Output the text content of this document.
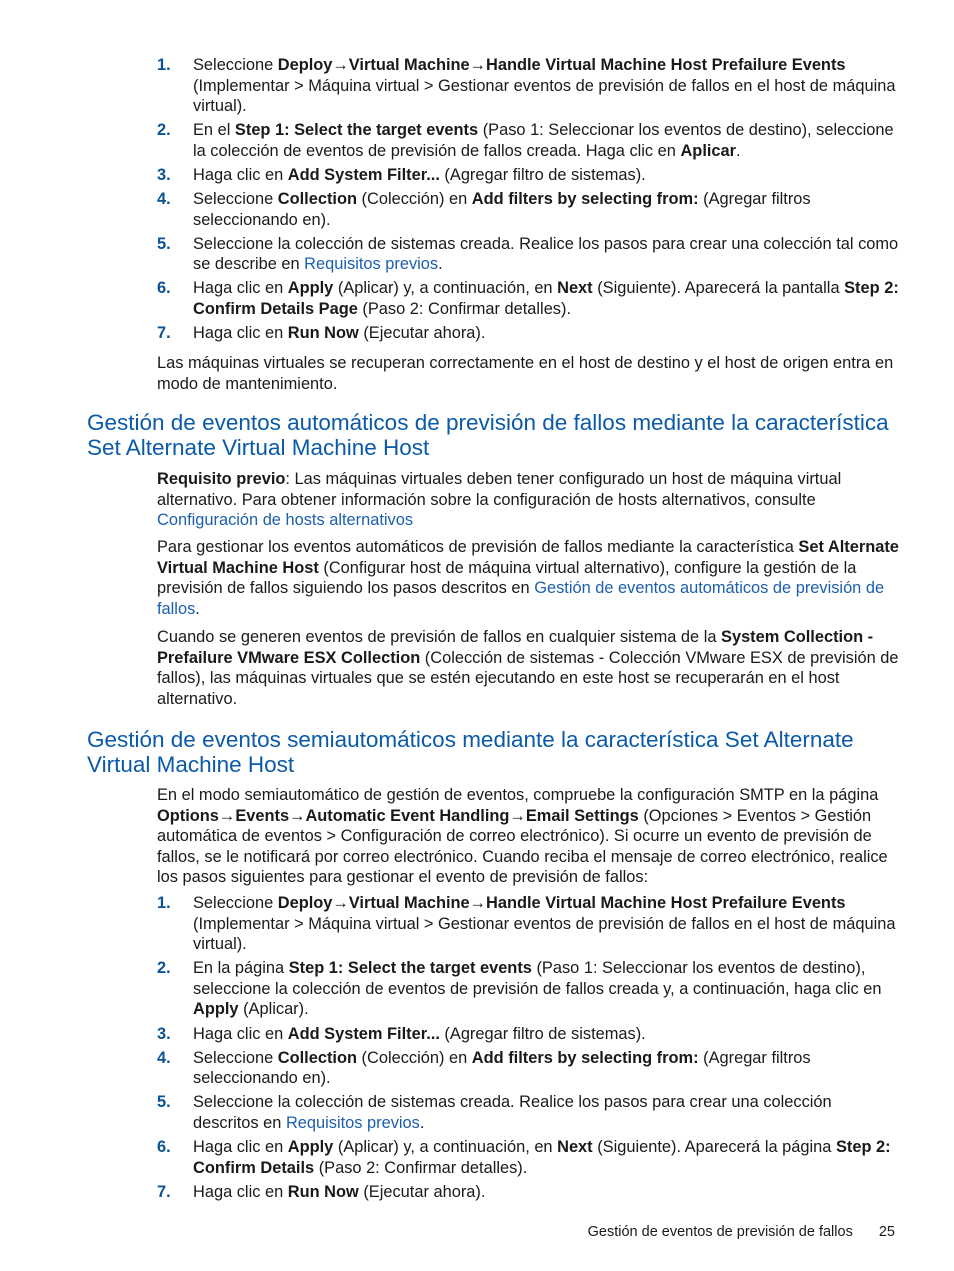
1. Seleccione Deploy→Virtual Machine→Handle Virtual Machine Host Prefailure Events (Implementar > Máquina virtual > Gestionar eventos de previsión de fallos en el host de máquina virtual).
2. En el Step 1: Select the target events (Paso 1: Seleccionar los eventos de destino), seleccione la colección de eventos de previsión de fallos creada. Haga clic en Aplicar.
3. Haga clic en Add System Filter... (Agregar filtro de sistemas).
4. Seleccione Collection (Colección) en Add filters by selecting from: (Agregar filtros seleccionando en).
5. Seleccione la colección de sistemas creada. Realice los pasos para crear una colección tal como se describe en Requisitos previos.
6. Haga clic en Apply (Aplicar) y, a continuación, en Next (Siguiente). Aparecerá la pantalla Step 2: Confirm Details Page (Paso 2: Confirmar detalles).
7. Haga clic en Run Now (Ejecutar ahora).

Las máquinas virtuales se recuperan correctamente en el host de destino y el host de origen entra en modo de mantenimiento.

Gestión de eventos automáticos de previsión de fallos mediante la característica Set Alternate Virtual Machine Host

Requisito previo: Las máquinas virtuales deben tener configurado un host de máquina virtual alternativo. Para obtener información sobre la configuración de hosts alternativos, consulte Configuración de hosts alternativos

Para gestionar los eventos automáticos de previsión de fallos mediante la característica Set Alternate Virtual Machine Host (Configurar host de máquina virtual alternativo), configure la gestión de la previsión de fallos siguiendo los pasos descritos en Gestión de eventos automáticos de previsión de fallos.

Cuando se generen eventos de previsión de fallos en cualquier sistema de la System Collection - Prefailure VMware ESX Collection (Colección de sistemas - Colección VMware ESX de previsión de fallos), las máquinas virtuales que se estén ejecutando en este host se recuperarán en el host alternativo.

Gestión de eventos semiautomáticos mediante la característica Set Alternate Virtual Machine Host

En el modo semiautomático de gestión de eventos, compruebe la configuración SMTP en la página Options→Events→Automatic Event Handling→Email Settings (Opciones > Eventos > Gestión automática de eventos > Configuración de correo electrónico). Si ocurre un evento de previsión de fallos, se le notificará por correo electrónico. Cuando reciba el mensaje de correo electrónico, realice los pasos siguientes para gestionar el evento de previsión de fallos:

1. Seleccione Deploy→Virtual Machine→Handle Virtual Machine Host Prefailure Events (Implementar > Máquina virtual > Gestionar eventos de previsión de fallos en el host de máquina virtual).
2. En la página Step 1: Select the target events (Paso 1: Seleccionar los eventos de destino), seleccione la colección de eventos de previsión de fallos creada y, a continuación, haga clic en Apply (Aplicar).
3. Haga clic en Add System Filter... (Agregar filtro de sistemas).
4. Seleccione Collection (Colección) en Add filters by selecting from: (Agregar filtros seleccionando en).
5. Seleccione la colección de sistemas creada. Realice los pasos para crear una colección descritos en Requisitos previos.
6. Haga clic en Apply (Aplicar) y, a continuación, en Next (Siguiente). Aparecerá la página Step 2: Confirm Details (Paso 2: Confirmar detalles).
7. Haga clic en Run Now (Ejecutar ahora).
Gestión de eventos de previsión de fallos 25
